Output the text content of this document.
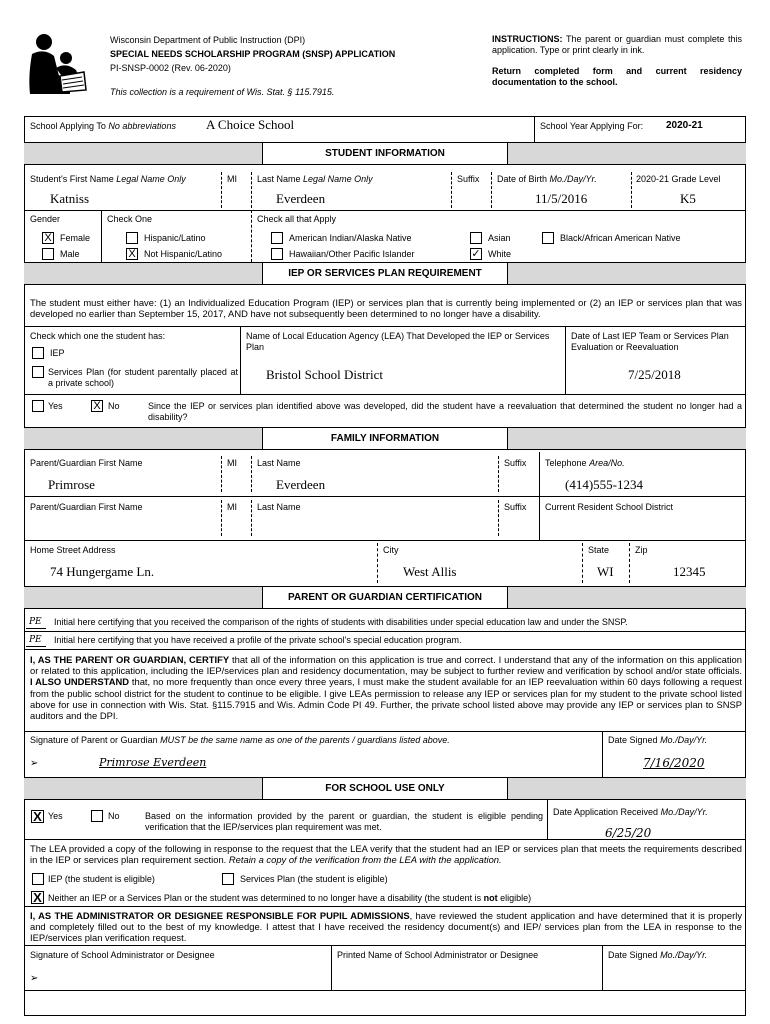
Wisconsin Department of Public Instruction (DPI)
SPECIAL NEEDS SCHOLARSHIP PROGRAM (SNSP) APPLICATION
PI-SNSP-0002 (Rev. 06-2020)
This collection is a requirement of Wis. Stat. § 115.7915.
INSTRUCTIONS: The parent or guardian must complete this application. Type or print clearly in ink.
Return completed form and current residency documentation to the school.
School Applying To No abbreviations A Choice School	School Year Applying For: 2020-21
STUDENT INFORMATION
Student's First Name Legal Name Only	MI Last Name Legal Name Only	Suffix Date of Birth Mo./Day/Yr.	2020-21 Grade Level
Katniss	Everdeen	11/5/2016	K5
Gender	Check One	Check all that Apply
X Female
Male
Hispanic/Latino
X Not Hispanic/Latino
American Indian/Alaska Native
Hawaiian/Other Pacific Islander
Asian
✓ White
Black/African American Native
IEP OR SERVICES PLAN REQUIREMENT
The student must either have: (1) an Individualized Education Program (IEP) or services plan that is currently being implemented or (2) an IEP or services plan that was developed no earlier than September 15, 2017, AND have not subsequently been determined to no longer have a disability.
Check which one the student has:
IEP
Services Plan (for student parentally placed at a private school)
Name of Local Education Agency (LEA) That Developed the IEP or Services Plan
Bristol School District
Date of Last IEP Team or Services Plan Evaluation or Reevaluation
7/25/2018
Yes	X No	Since the IEP or services plan identified above was developed, did the student have a reevaluation that determined the student no longer had a disability?
FAMILY INFORMATION
Parent/Guardian First Name	MI Last Name	Suffix Telephone Area/No.
Primrose	Everdeen	(414)555-1234
Parent/Guardian First Name	MI Last Name	Suffix Current Resident School District
Home Street Address	City	State	Zip
74 Hungergame Ln.	West Allis	WI	12345
PARENT OR GUARDIAN CERTIFICATION
PE Initial here certifying that you received the comparison of the rights of students with disabilities under special education law and under the SNSP.
PE Initial here certifying that you have received a profile of the private school's special education program.
I, AS THE PARENT OR GUARDIAN, CERTIFY that all of the information on this application is true and correct. I understand that any of the information on this application or related to this application, including the IEP/services plan and residency documentation, may be subject to further review and verification by school and/or state officials. I ALSO UNDERSTAND that, no more frequently than once every three years, I must make the student available for an IEP reevaluation within 60 days following a request from the public school district for the student to continue to be eligible. I give LEAs permission to release any IEP or services plan for my student to the private school listed above for use in connection with Wis. Stat. §115.7915 and Wis. Admin Code PI 49. Further, the private school listed above may provide any IEP or services plan to SNSP auditors and the DPI.
Signature of Parent or Guardian MUST be the same name as one of the parents / guardians listed above.	Date Signed Mo./Day/Yr.
➢	Primrose Everdeen	7/16/2020
FOR SCHOOL USE ONLY
X Yes	No	Based on the information provided by the parent or guardian, the student is eligible pending verification that the IEP/services plan requirement was met.
Date Application Received Mo./Day/Yr.
6/25/20
The LEA provided a copy of the following in response to the request that the LEA verify that the student had an IEP or services plan that meets the requirements described in the IEP or services plan requirement section. Retain a copy of the verification from the LEA with the application.
IEP (the student is eligible)	Services Plan (the student is eligible)
X Neither an IEP or a Services Plan or the student was determined to no longer have a disability (the student is not eligible)
I, AS THE ADMINISTRATOR OR DESIGNEE RESPONSIBLE FOR PUPIL ADMISSIONS, have reviewed the student application and have determined that it is properly and completely filled out to the best of my knowledge. I attest that I have received the residency document(s) and IEP/ services plan from the LEA in response to the IEP/services plan verification request.
Signature of School Administrator or Designee	Printed Name of School Administrator or Designee	Date Signed Mo./Day/Yr.
➢
